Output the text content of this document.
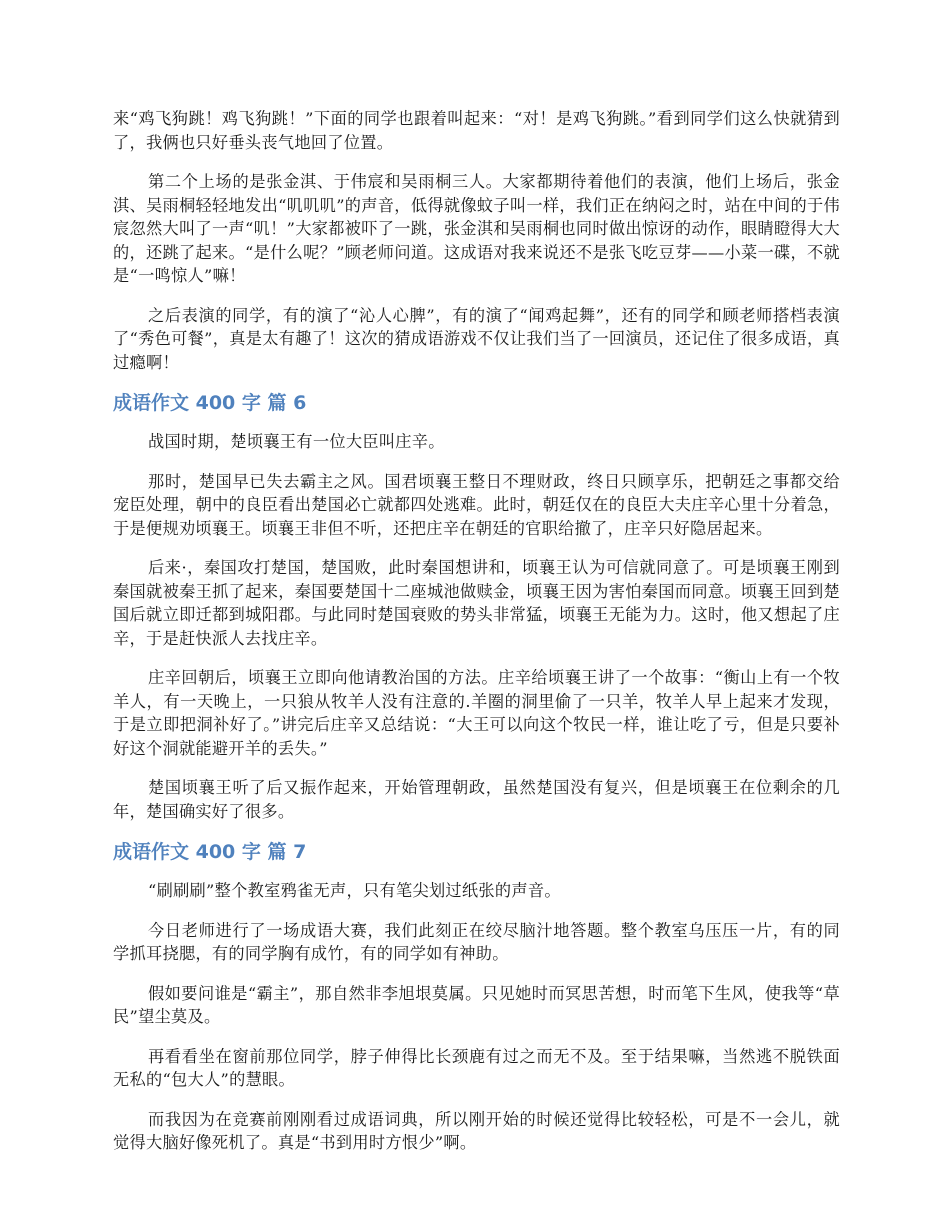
来“鸡飞狗跳！鸡飞狗跳！”下面的同学也跟着叫起来：“对！是鸡飞狗跳。”看到同学们这么快就猜到了，我俩也只好垂头丧气地回了位置。

第二个上场的是张金淇、于伟宸和吴雨桐三人。大家都期待着他们的表演，他们上场后，张金淇、吴雨桐轻轻地发出“叽叽叽”的声音，低得就像蚊子叫一样，我们正在纳闷之时，站在中间的于伟宸忽然大叫了一声“叽！”大家都被吓了一跳，张金淇和吴雨桐也同时做出惊讶的动作，眼睛瞪得大大的，还跳了起来。“是什么呢？”顾老师问道。这成语对我来说还不是张飞吃豆芽——小菜一碟，不就是“一鸣惊人”嘛！

之后表演的同学，有的演了“沁人心脾”，有的演了“闻鸡起舞”，还有的同学和顾老师搭档表演了“秀色可餐”，真是太有趣了！这次的猜成语游戏不仅让我们当了一回演员，还记住了很多成语，真过瘾啊！

成语作文 400 字 篇 6

战国时期，楚顷襄王有一位大臣叫庄辛。

那时，楚国早已失去霸主之风。国君顷襄王整日不理财政，终日只顾享乐，把朝廷之事都交给宠臣处理，朝中的良臣看出楚国必亡就都四处逃难。此时，朝廷仅在的良臣大夫庄辛心里十分着急，于是便规劝顷襄王。顷襄王非但不听，还把庄辛在朝廷的官职给撤了，庄辛只好隐居起来。

后来·，秦国攻打楚国，楚国败，此时秦国想讲和，顷襄王认为可信就同意了。可是顷襄王刚到秦国就被秦王抓了起来，秦国要楚国十二座城池做赎金，顷襄王因为害怕秦国而同意。顷襄王回到楚国后就立即迁都到城阳郡。与此同时楚国衰败的势头非常猛，顷襄王无能为力。这时，他又想起了庄辛，于是赶快派人去找庄辛。

庄辛回朝后，顷襄王立即向他请教治国的方法。庄辛给顷襄王讲了一个故事：“衡山上有一个牧羊人，有一天晚上，一只狼从牧羊人没有注意的.羊圈的洞里偷了一只羊，牧羊人早上起来才发现，于是立即把洞补好了。”讲完后庄辛又总结说：“大王可以向这个牧民一样，谁让吃了亏，但是只要补好这个洞就能避开羊的丢失。”

楚国顷襄王听了后又振作起来，开始管理朝政，虽然楚国没有复兴，但是顷襄王在位剩余的几年，楚国确实好了很多。

成语作文 400 字 篇 7

“刷刷刷”整个教室鸦雀无声，只有笔尖划过纸张的声音。

今日老师进行了一场成语大赛，我们此刻正在绞尽脑汁地答题。整个教室乌压压一片，有的同学抓耳挠腮，有的同学胸有成竹，有的同学如有神助。

假如要问谁是“霸主”，那自然非李旭垠莫属。只见她时而冥思苦想，时而笔下生风，使我等“草民”望尘莫及。

再看看坐在窗前那位同学，脖子伸得比长颈鹿有过之而无不及。至于结果嘛，当然逃不脱铁面无私的“包大人”的慧眼。

而我因为在竞赛前刚刚看过成语词典，所以刚开始的时候还觉得比较轻松，可是不一会儿，就觉得大脑好像死机了。真是“书到用时方恨少”啊。
